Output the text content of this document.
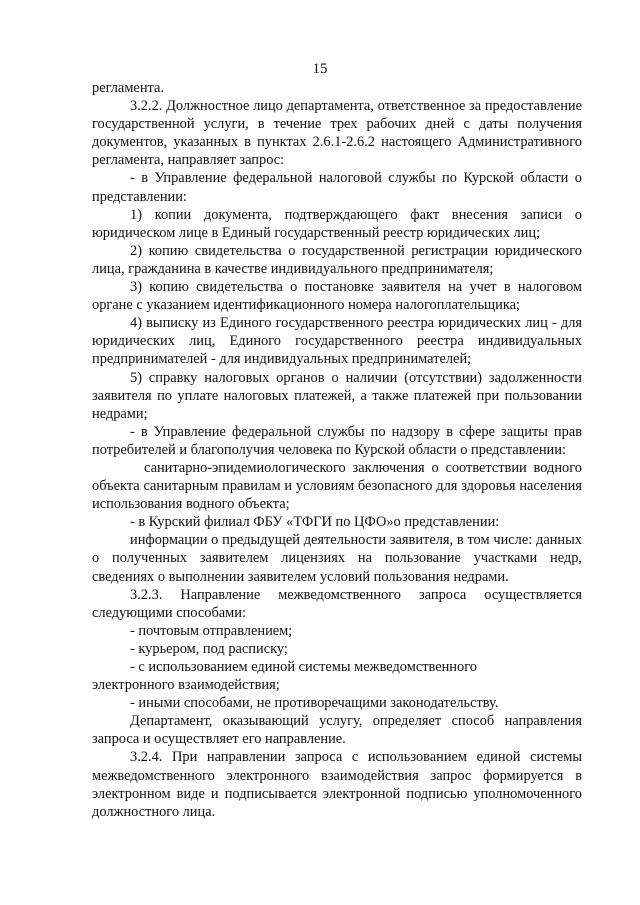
15

регламента.

3.2.2. Должностное лицо департамента, ответственное за предоставление государственной услуги, в течение трех рабочих дней с даты получения документов, указанных в пунктах 2.6.1-2.6.2 настоящего Административного регламента, направляет запрос:

- в Управление федеральной налоговой службы по Курской области о представлении:

1) копии документа, подтверждающего факт внесения записи о юридическом лице в Единый государственный реестр юридических лиц;

2) копию свидетельства о государственной регистрации юридического лица, гражданина в качестве индивидуального предпринимателя;

3) копию свидетельства о постановке заявителя на учет в налоговом органе с указанием идентификационного номера налогоплательщика;

4) выписку из Единого государственного реестра юридических лиц - для юридических лиц, Единого государственного реестра индивидуальных предпринимателей - для индивидуальных предпринимателей;

5) справку налоговых органов о наличии (отсутствии) задолженности заявителя по уплате налоговых платежей, а также платежей при пользовании недрами;

- в Управление федеральной службы по надзору в сфере защиты прав потребителей и благополучия человека по Курской области о представлении:

санитарно-эпидемиологического заключения о соответствии водного объекта санитарным правилам и условиям безопасного для здоровья населения использования водного объекта;

- в Курский филиал ФБУ «ТФГИ по ЦФО»о представлении:

информации о предыдущей деятельности заявителя, в том числе: данных о полученных заявителем лицензиях на пользование участками недр, сведениях о выполнении заявителем условий пользования недрами.

3.2.3. Направление межведомственного запроса осуществляется следующими способами:

- почтовым отправлением;

- курьером, под расписку;

- с использованием единой системы межведомственного

электронного взаимодействия;

- иными способами, не противоречащими законодательству.

Департамент, оказывающий услугу, определяет способ направления запроса и осуществляет его направление.

3.2.4. При направлении запроса с использованием единой системы межведомственного электронного взаимодействия запрос формируется в электронном виде и подписывается электронной подписью уполномоченного должностного лица.
